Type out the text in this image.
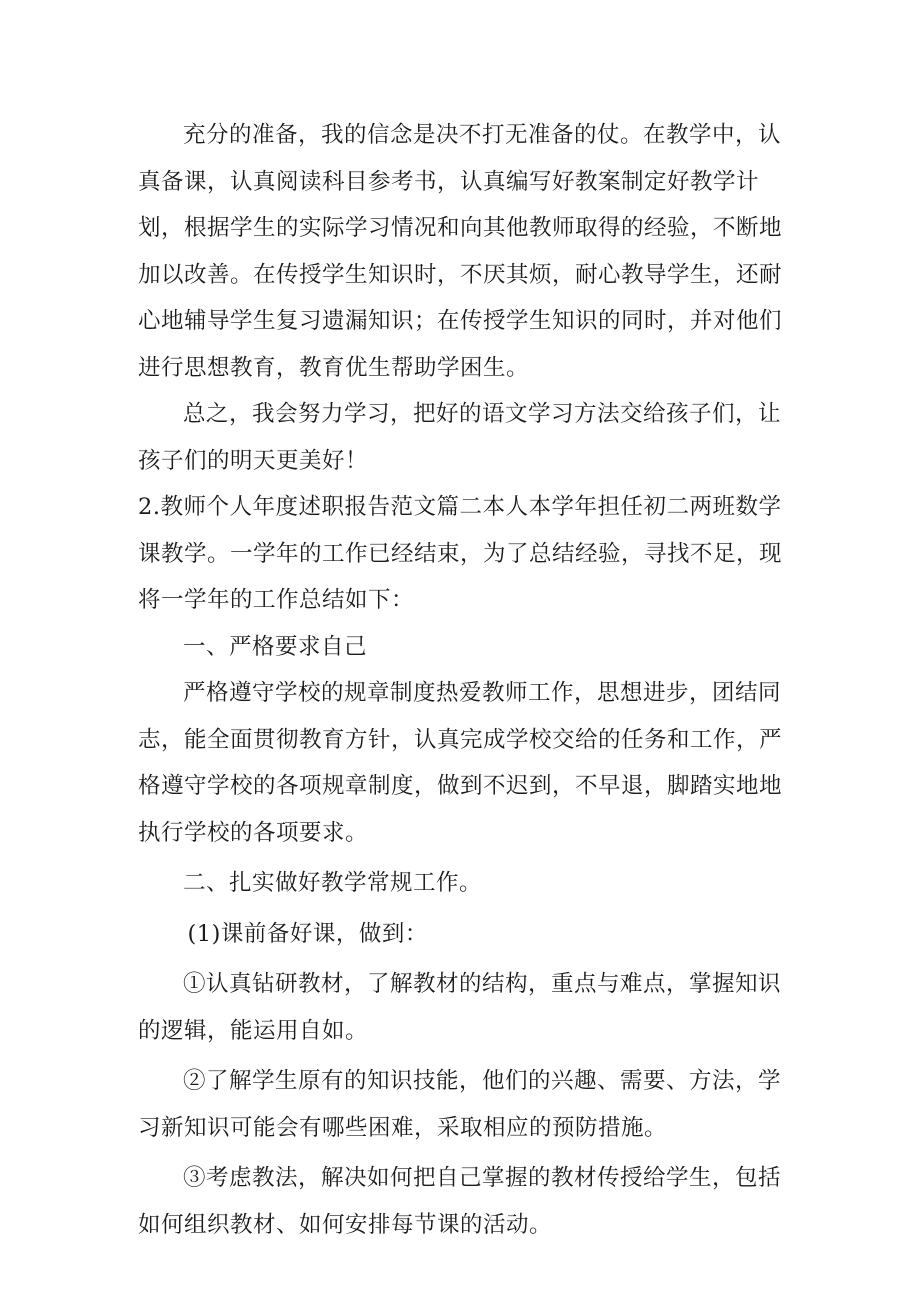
充分的准备，我的信念是决不打无准备的仗。在教学中，认真备课，认真阅读科目参考书，认真编写好教案制定好教学计划，根据学生的实际学习情况和向其他教师取得的经验，不断地加以改善。在传授学生知识时，不厌其烦，耐心教导学生，还耐心地辅导学生复习遗漏知识；在传授学生知识的同时，并对他们进行思想教育，教育优生帮助学困生。

总之，我会努力学习，把好的语文学习方法交给孩子们，让孩子们的明天更美好！

2.教师个人年度述职报告范文篇二本人本学年担任初二两班数学课教学。一学年的工作已经结束，为了总结经验，寻找不足，现将一学年的工作总结如下：

一、严格要求自己

严格遵守学校的规章制度热爱教师工作，思想进步，团结同志，能全面贯彻教育方针，认真完成学校交给的任务和工作，严格遵守学校的各项规章制度，做到不迟到，不早退，脚踏实地地执行学校的各项要求。

二、扎实做好教学常规工作。

(1)课前备好课，做到：

①认真钻研教材，了解教材的结构，重点与难点，掌握知识的逻辑，能运用自如。

②了解学生原有的知识技能，他们的兴趣、需要、方法，学习新知识可能会有哪些困难，采取相应的预防措施。

③考虑教法，解决如何把自己掌握的教材传授给学生，包括如何组织教材、如何安排每节课的活动。
